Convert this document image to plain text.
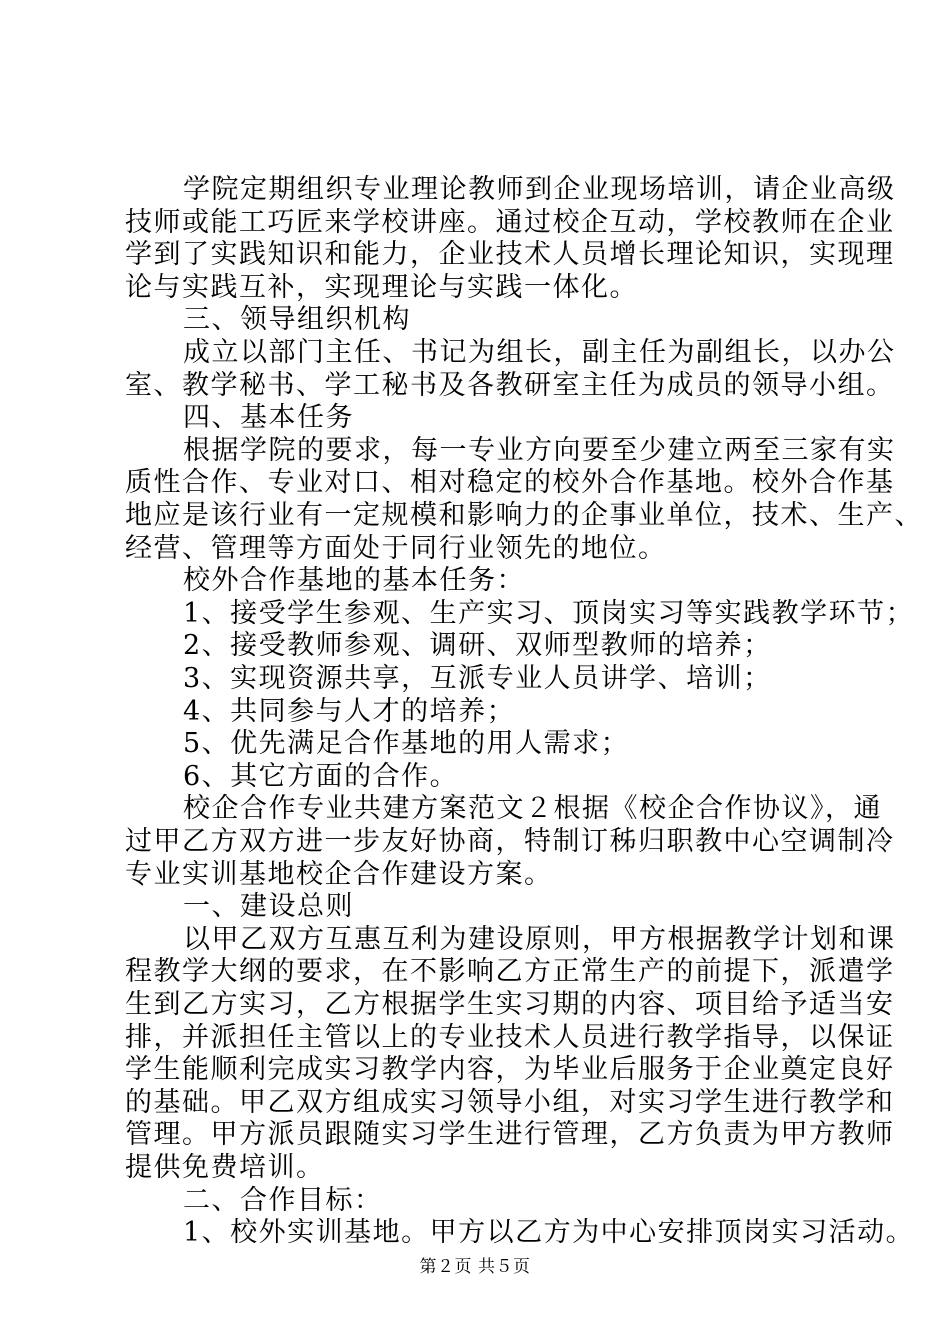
学院定期组织专业理论教师到企业现场培训，请企业高级
技师或能工巧匠来学校讲座。通过校企互动，学校教师在企业
学到了实践知识和能力，企业技术人员增长理论知识，实现理
论与实践互补，实现理论与实践一体化。
三、领导组织机构
成立以部门主任、书记为组长，副主任为副组长，以办公
室、教学秘书、学工秘书及各教研室主任为成员的领导小组。
四、基本任务
根据学院的要求，每一专业方向要至少建立两至三家有实
质性合作、专业对口、相对稳定的校外合作基地。校外合作基
地应是该行业有一定规模和影响力的企事业单位，技术、生产、
经营、管理等方面处于同行业领先的地位。
校外合作基地的基本任务：
1、接受学生参观、生产实习、顶岗实习等实践教学环节；
2、接受教师参观、调研、双师型教师的培养；
3、实现资源共享，互派专业人员讲学、培训；
4、共同参与人才的培养；
5、优先满足合作基地的用人需求；
6、其它方面的合作。
校企合作专业共建方案范文２根据《校企合作协议》，通
过甲乙方双方进一步友好协商，特制订秭归职教中心空调制冷
专业实训基地校企合作建设方案。
一、建设总则
以甲乙双方互惠互利为建设原则，甲方根据教学计划和课
程教学大纲的要求，在不影响乙方正常生产的前提下，派遣学
生到乙方实习，乙方根据学生实习期的内容、项目给予适当安
排，并派担任主管以上的专业技术人员进行教学指导，以保证
学生能顺利完成实习教学内容，为毕业后服务于企业奠定良好
的基础。甲乙双方组成实习领导小组，对实习学生进行教学和
管理。甲方派员跟随实习学生进行管理，乙方负责为甲方教师
提供免费培训。
二、合作目标：
1、校外实训基地。甲方以乙方为中心安排顶岗实习活动。
第２页 共５页
